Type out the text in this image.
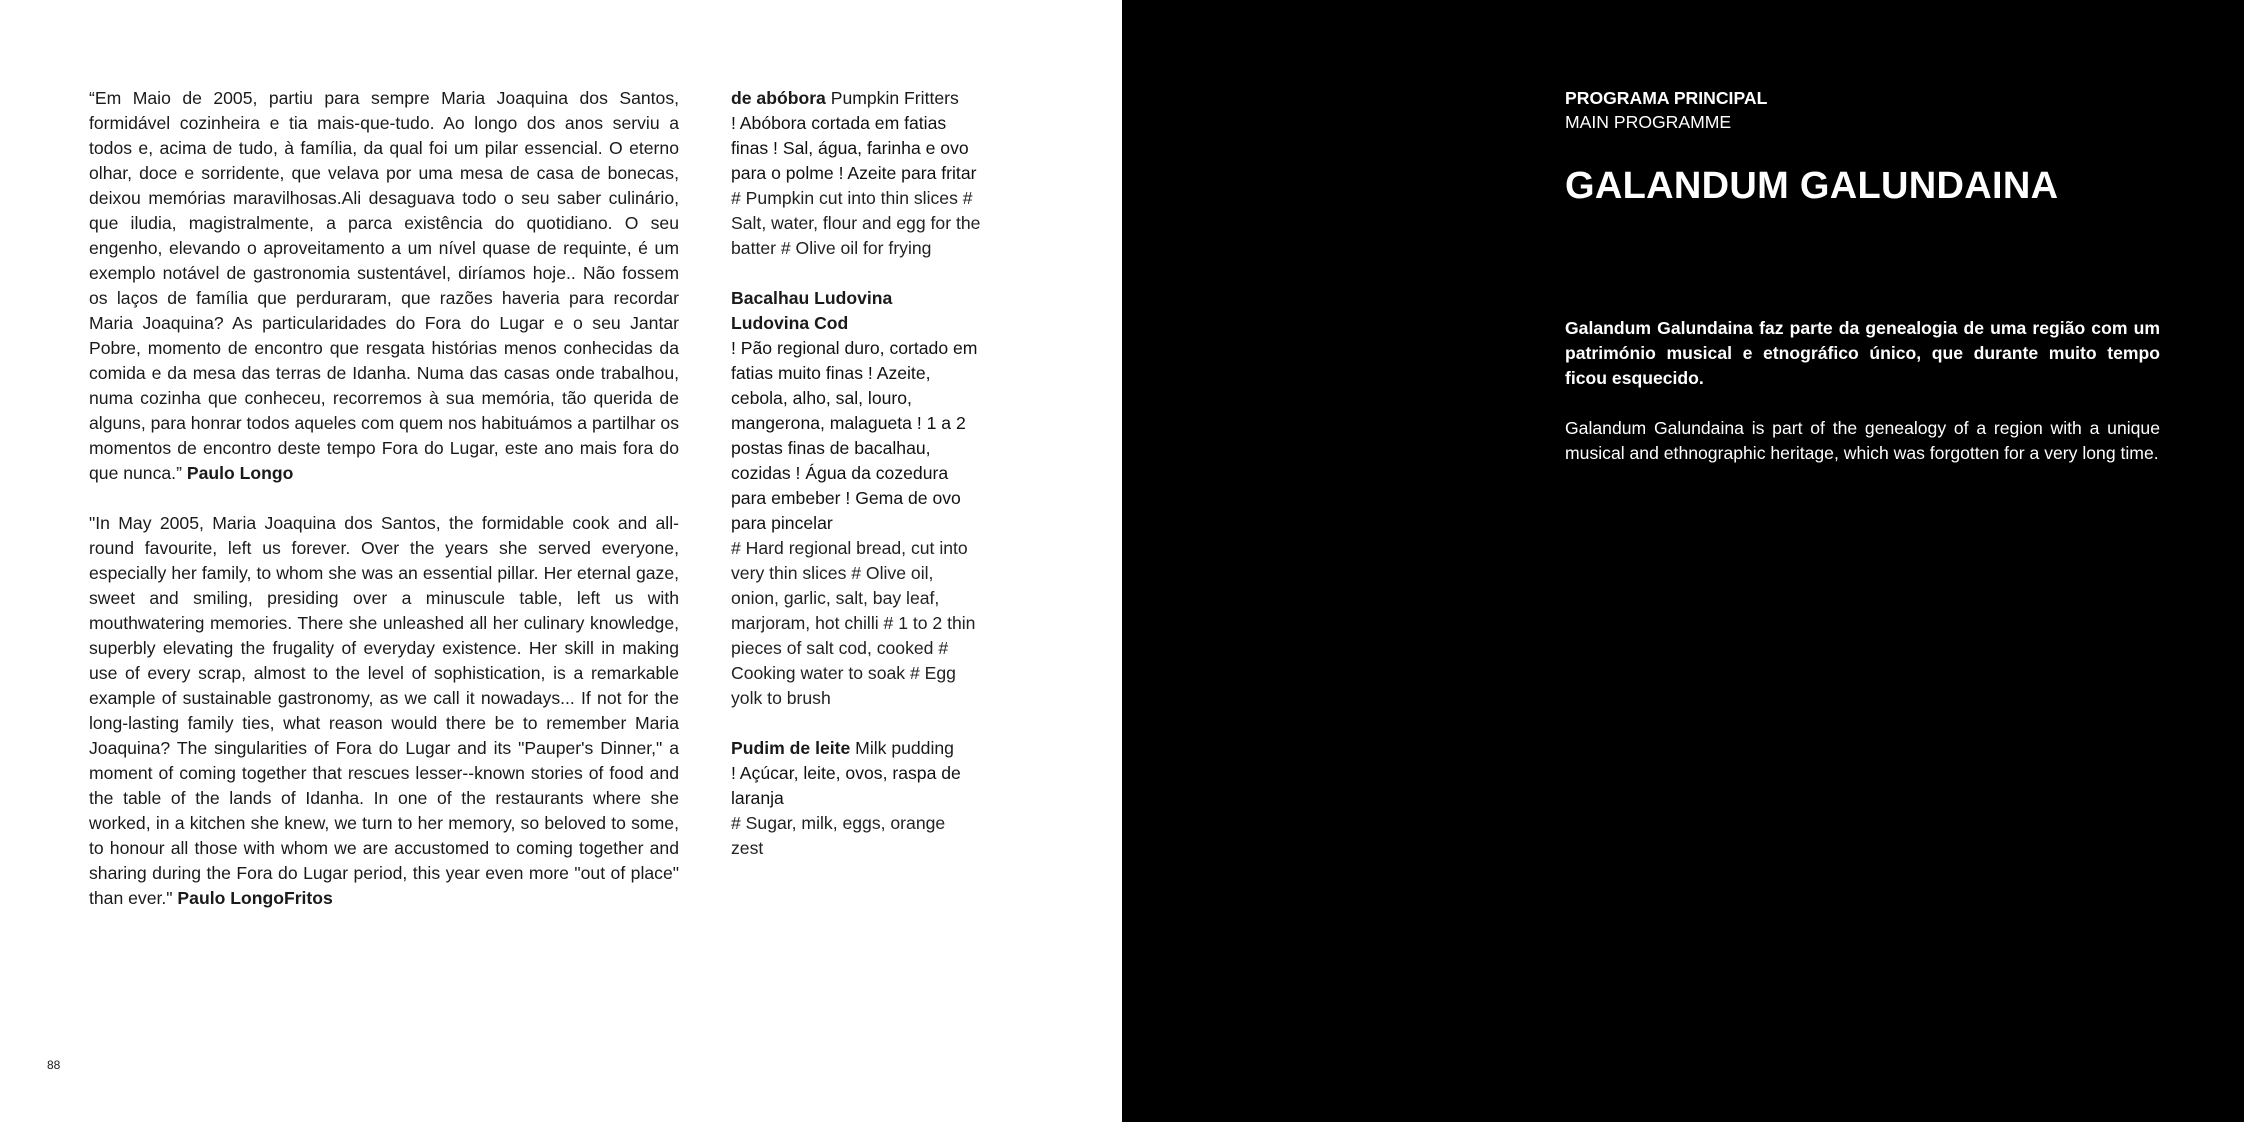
“Em Maio de 2005, partiu para sempre Maria Joaquina dos Santos, formidável cozinheira e tia mais-que-tudo. Ao longo dos anos serviu a todos e, acima de tudo, à família, da qual foi um pilar essencial. O eterno olhar, doce e sorridente, que velava por uma mesa de casa de bonecas, deixou memórias maravilhosas.Ali desaguava todo o seu saber culinário, que iludia, magistralmente, a parca existência do quotidiano. O seu engenho, elevando o aproveitamento a um nível quase de requinte, é um exemplo notável de gastronomia sustentável, diríamos hoje.. Não fossem os laços de família que perduraram, que razões haveria para recordar Maria Joaquina? As particularidades do Fora do Lugar e o seu Jantar Pobre, momento de encontro que resgata histórias menos conhecidas da comida e da mesa das terras de Idanha. Numa das casas onde trabalhou, numa cozinha que conheceu, recorremos à sua memória, tão querida de alguns, para honrar todos aqueles com quem nos habituámos a partilhar os momentos de encontro deste tempo Fora do Lugar, este ano mais fora do que nunca.” Paulo Longo

"In May 2005, Maria Joaquina dos Santos, the formidable cook and all-round favourite, left us forever. Over the years she served everyone, especially her family, to whom she was an essential pillar. Her eternal gaze, sweet and smiling, presiding over a minuscule table, left us with mouthwatering memories. There she unleashed all her culinary knowledge, superbly elevating the frugality of everyday existence. Her skill in making use of every scrap, almost to the level of sophistication, is a remarkable example of sustainable gastronomy, as we call it nowadays... If not for the long-lasting family ties, what reason would there be to remember Maria Joaquina? The singularities of Fora do Lugar and its "Pauper's Dinner," a moment of coming together that rescues lesser--known stories of food and the table of the lands of Idanha. In one of the restaurants where she worked, in a kitchen she knew, we turn to her memory, so beloved to some, to honour all those with whom we are accustomed to coming together and sharing during the Fora do Lugar period, this year even more "out of place" than ever." Paulo LongoFritos

de abóbora Pumpkin Fritters
! Abóbora cortada em fatias finas ! Sal, água, farinha e ovo para o polme ! Azeite para fritar
# Pumpkin cut into thin slices # Salt, water, flour and egg for the batter # Olive oil for frying
Bacalhau Ludovina
Ludovina Cod
! Pão regional duro, cortado em fatias muito finas ! Azeite, cebola, alho, sal, louro, mangerona, malagueta ! 1 a 2 postas finas de bacalhau, cozidas ! Água da cozedura para embeber ! Gema de ovo para pincelar
# Hard regional bread, cut into very thin slices # Olive oil, onion, garlic, salt, bay leaf, marjoram, hot chilli # 1 to 2 thin pieces of salt cod, cooked # Cooking water to soak # Egg yolk to brush
Pudim de leite Milk pudding
! Açúcar, leite, ovos, raspa de laranja
# Sugar, milk, eggs, orange zest
88

PROGRAMA PRINCIPAL

MAIN PROGRAMME

GALANDUM GALUNDAINA

Galandum Galundaina faz parte da genealogia de uma região com um património musical e etnográfico único, que durante muito tempo ficou esquecido.

Galandum Galundaina is part of the genealogy of a region with a unique musical and ethnographic heritage, which was forgotten for a very long time.
